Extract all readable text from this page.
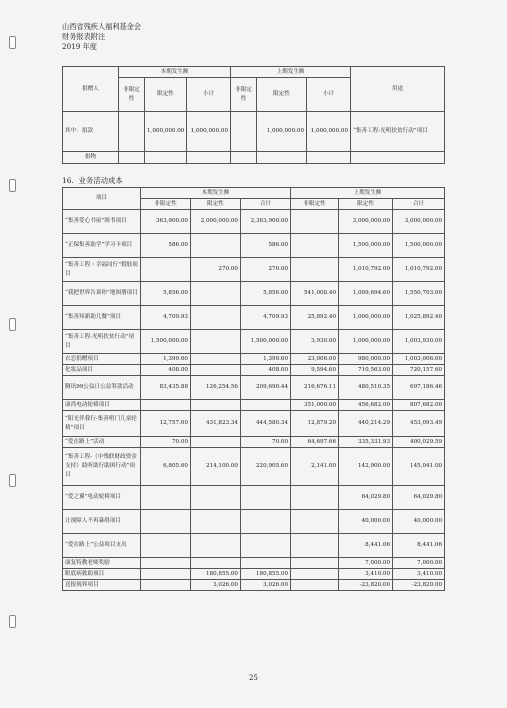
山西省残疾人福利基金会
财务报表附注
2019 年度
捐赠人	本期发生额			上期发生额			用途
	非限定性	限定性	小计	非限定性	限定性	小计	
其中：捐款		1,000,000.00	1,000,000.00		1,000,000.00	1,000,000.00	“集善工程-光明扶贫行动”项目
捐物							
16. 业务活动成本
项目	本期发生额			上期发生额		
	非限定性	限定性	合计	非限定性	限定性	合计
“集善爱心书屋”图书项目	363,900.00	2,000,000.00	2,363,900.00		3,000,000.00	3,000,000.00
“正保集善助学”学习卡项目	586.00		586.00		1,500,000.00	1,500,000.00
“集善工程・幸福同行”假肢项目		270.00	270.00		1,010,792.00	1,010,792.00
“我把世界告诉你”地图册项目	5,856.00		5,856.00	541,008.40	1,009,694.60	1,550,703.00
“集善知新助儿餐”项目	4,709.93		4,709.93	25,892.40	1,000,000.00	1,025,892.40
“集善工程-光明扶贫行动”项目	1,500,000.00		1,500,000.00	3,930.00	1,000,000.00	1,003,930.00
衣恋捐赠项目	1,399.60		1,399.60	23,006.00	980,000.00	1,003,006.00
化妆品项目	408.00		408.00	9,594.60	710,563.00	720,157.60
腾讯99公益日公益筹款活动	83,435.88	126,254.56	209,690.44	216,676.11	480,510.35	697,186.46
康尚电动轮椅项目				351,000.00	456,682.00	807,682.00
“阳光伴我行-集善明门儿童轮椅”项目	12,757.00	431,823.34	444,580.34	12,879.20	440,214.29	453,093.49
“爱在路上”活动	70.00		70.00	64,697.66	335,331.93	400,029.59
“集善工程-（中残联财政资金支持）助听助行助困行动”项目	6,805.60	214,100.00	220,905.60	2,141.00	142,900.00	145,041.00
“爱之翼”电动轮椅项目					64,029.80	64,029.80
让视障人不再暴碍项目					40,000.00	40,000.00
“爱在路上”公益项目支出					8,441.06	8,441.06
康复特教老师奖励					7,000.00	7,000.00
眼底病救助项目		180,855.00	180,855.00		3,410.00	3,410.00
送报视界项目		3,026.00	3,026.00		-23,820.00	-23,820.00
25
